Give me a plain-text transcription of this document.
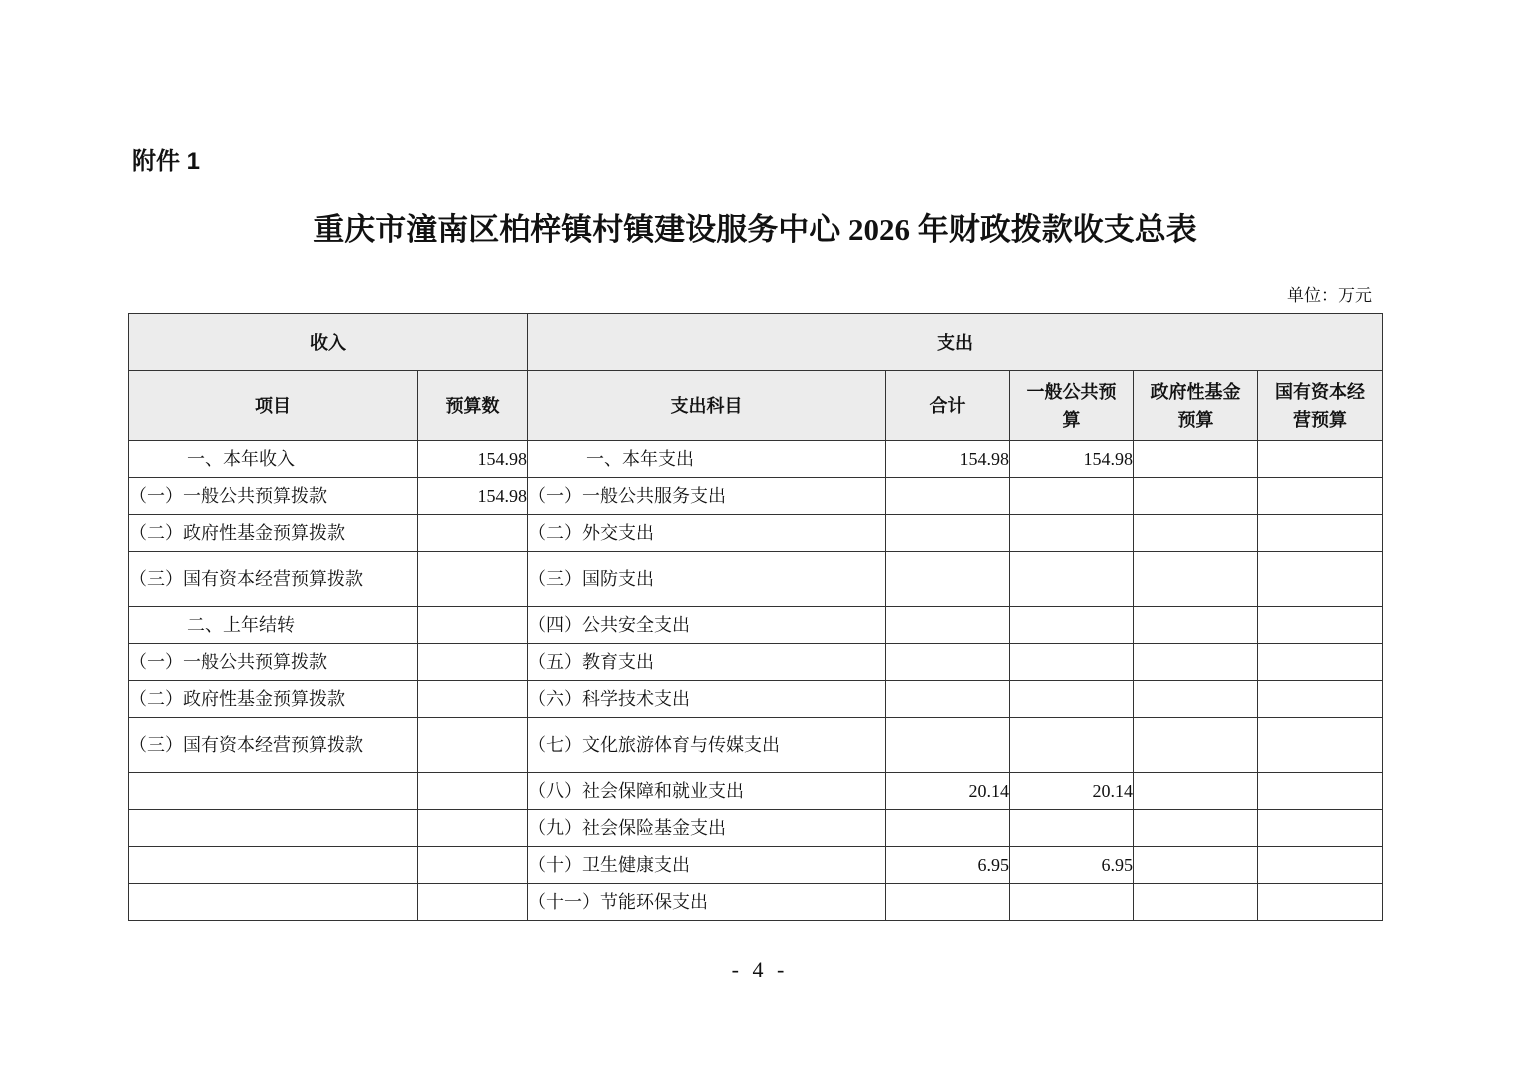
附件 1
重庆市潼南区柏梓镇村镇建设服务中心 2026 年财政拨款收支总表
单位：万元
收入		支出				
项目	预算数	支出科目	合计	一般公共预算	政府性基金预算	国有资本经营预算
一、本年收入	154.98	一、本年支出	154.98	154.98		
（一）一般公共预算拨款	154.98	（一）一般公共服务支出				
（二）政府性基金预算拨款		（二）外交支出				
（三）国有资本经营预算拨款		（三）国防支出				
二、上年结转		（四）公共安全支出				
（一）一般公共预算拨款		（五）教育支出				
（二）政府性基金预算拨款		（六）科学技术支出				
（三）国有资本经营预算拨款		（七）文化旅游体育与传媒支出				
		（八）社会保障和就业支出	20.14	20.14		
		（九）社会保险基金支出				
		（十）卫生健康支出	6.95	6.95		
		（十一）节能环保支出				
- 4 -
